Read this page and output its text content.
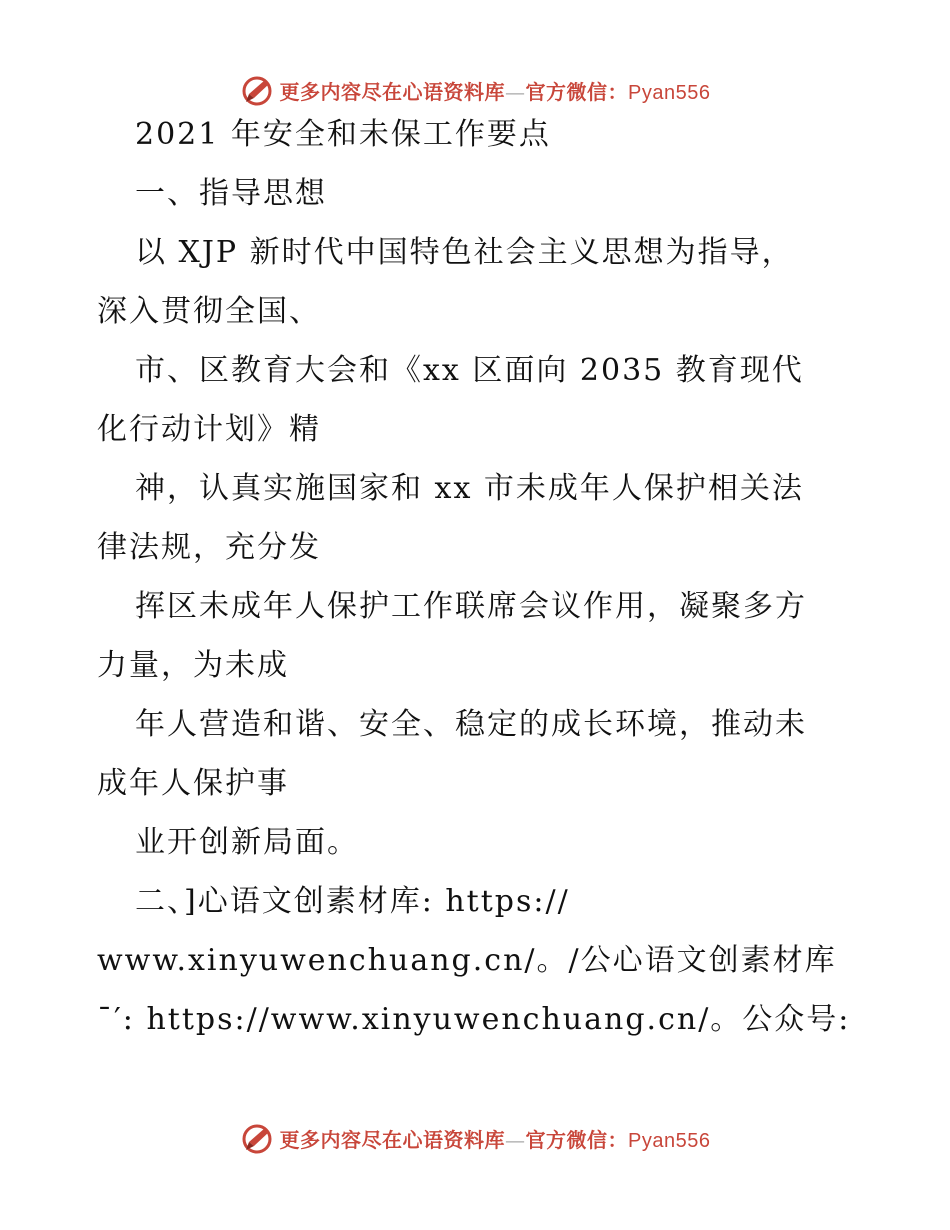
更多内容尽在心语资料库—官方微信：Pyan556
2021 年安全和未保工作要点
一、指导思想
以 XJP 新时代中国特色社会主义思想为指导，
深入贯彻全国、
市、区教育大会和《xx 区面向 2035 教育现代
化行动计划》精
神，认真实施国家和 xx 市未成年人保护相关法
律法规，充分发
挥区未成年人保护工作联席会议作用，凝聚多方
力量，为未成
年人营造和谐、安全、稳定的成长环境，推动未
成年人保护事
业开创新局面。
二、]心语文创素材库: https://
www.xinyuwenchuang.cn/。/公心语文创素材库
¯′: https://www.xinyuwenchuang.cn/。公众号:
更多内容尽在心语资料库—官方微信：Pyan556
